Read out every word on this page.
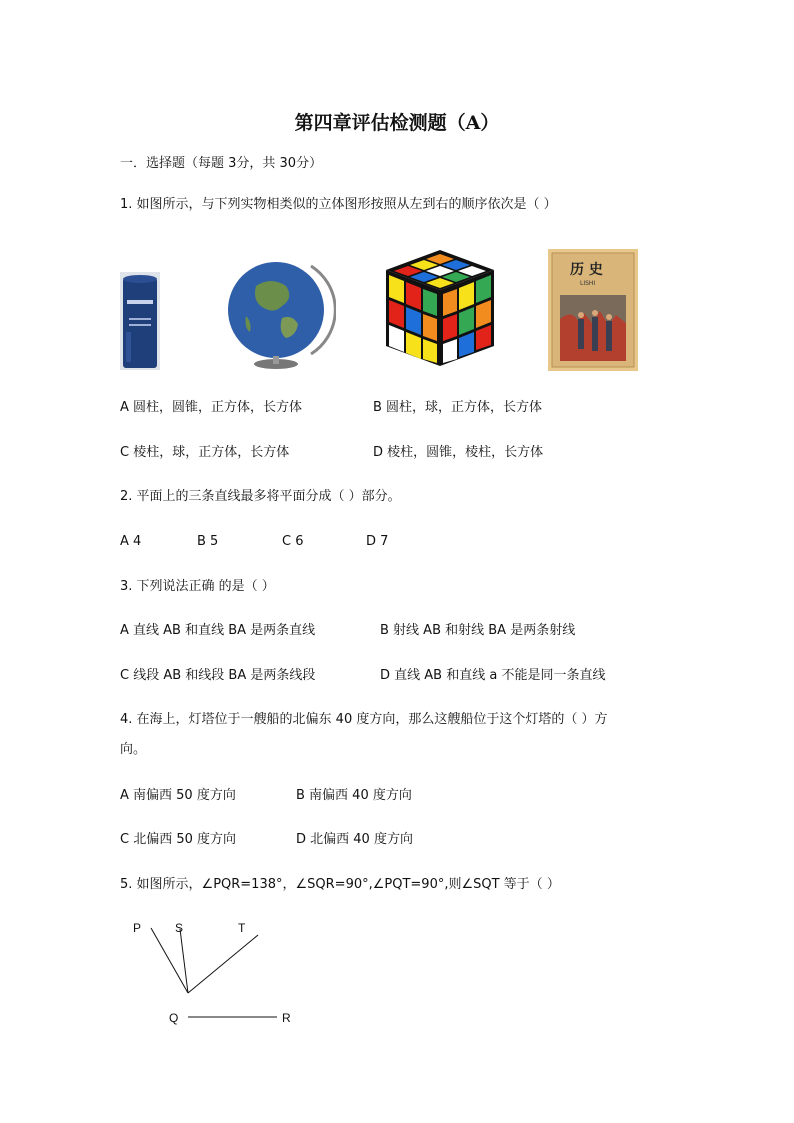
第四章评估检测题（A）
一．选择题（每题 3分，共 30分）
1. 如图所示，与下列实物相类似的立体图形按照从左到右的顺序依次是（ ）
历 史
LISHI
A 圆柱，圆锥，正方体，长方体	B 圆柱，球，正方体，长方体
C 棱柱，球，正方体，长方体	D 棱柱，圆锥，棱柱，长方体
2. 平面上的三条直线最多将平面分成（ ）部分。
A 4	B 5	C 6	D 7
3. 下列说法正确 的是（ ）
A 直线 AB 和直线 BA 是两条直线	B 射线 AB 和射线 BA 是两条射线
C 线段 AB 和线段 BA 是两条线段	D 直线 AB 和直线 a 不能是同一条直线
4. 在海上，灯塔位于一艘船的北偏东 40 度方向，那么这艘船位于这个灯塔的（ ）方
向。
A 南偏西 50 度方向	B 南偏西 40 度方向
C 北偏西 50 度方向	D 北偏西 40 度方向
5. 如图所示，∠PQR=138°，∠SQR=90°,∠PQT=90°,则∠SQT 等于（ ）
P	S	T
Q	R
